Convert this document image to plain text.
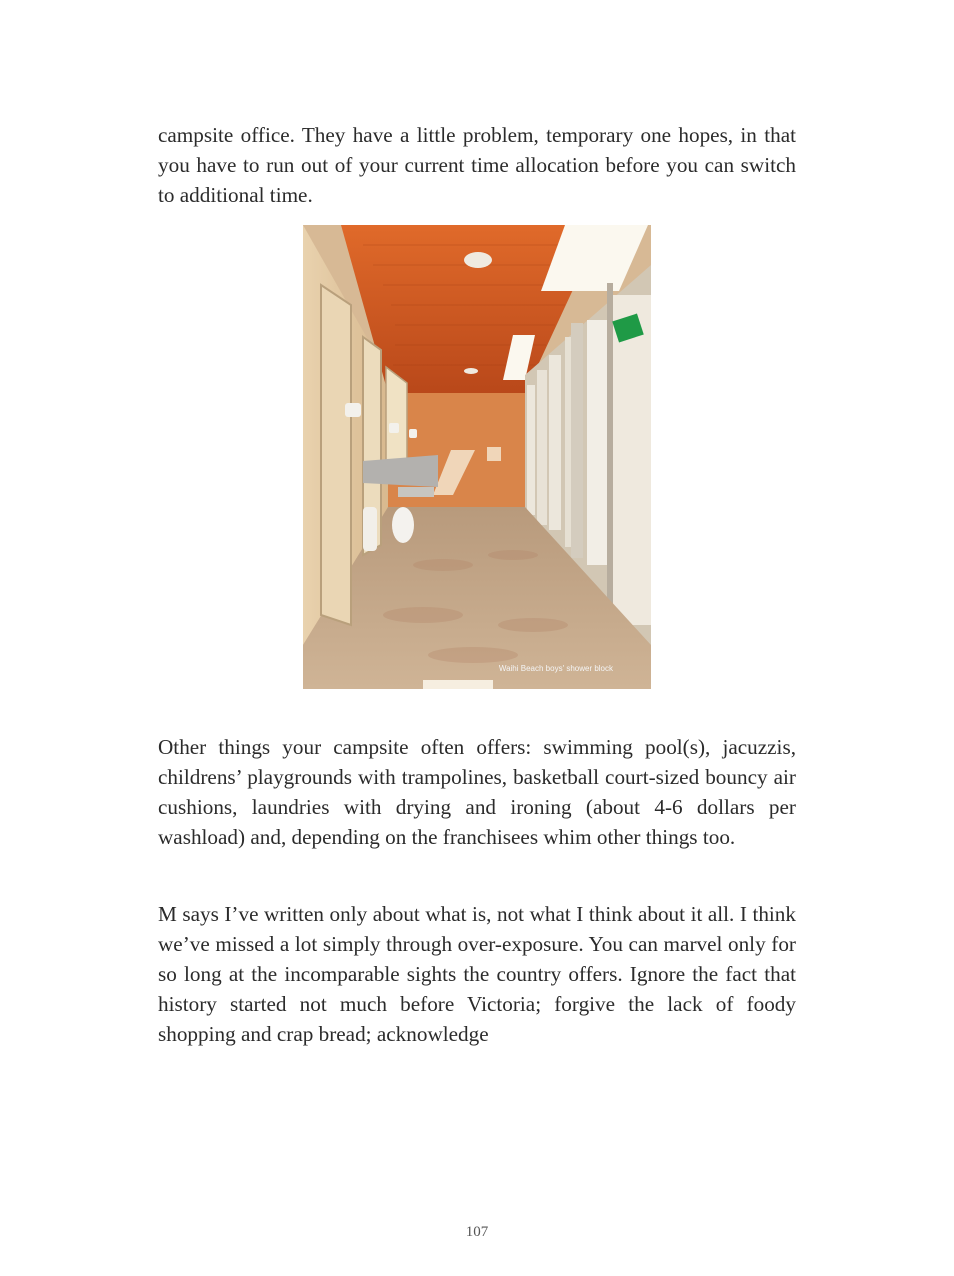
campsite office. They have a little problem, temporary one hopes, in that you have to run out of your current time allocation before you can switch to additional time.

Waihi Beach boys' shower block

Other things your campsite often offers: swimming pool(s), jacuzzis, childrens’ playgrounds with trampolines, basketball court-sized bouncy air cushions, laundries with drying and ironing (about 4-6 dollars per washload) and, depending on the franchisees whim other things too.

M says I’ve written only about what is, not what I think about it all. I think we’ve missed a lot simply through over-exposure. You can marvel only for so long at the incomparable sights the country offers. Ignore the fact that history started not much before Victoria; forgive the lack of foody shopping and crap bread; acknowledge

107
